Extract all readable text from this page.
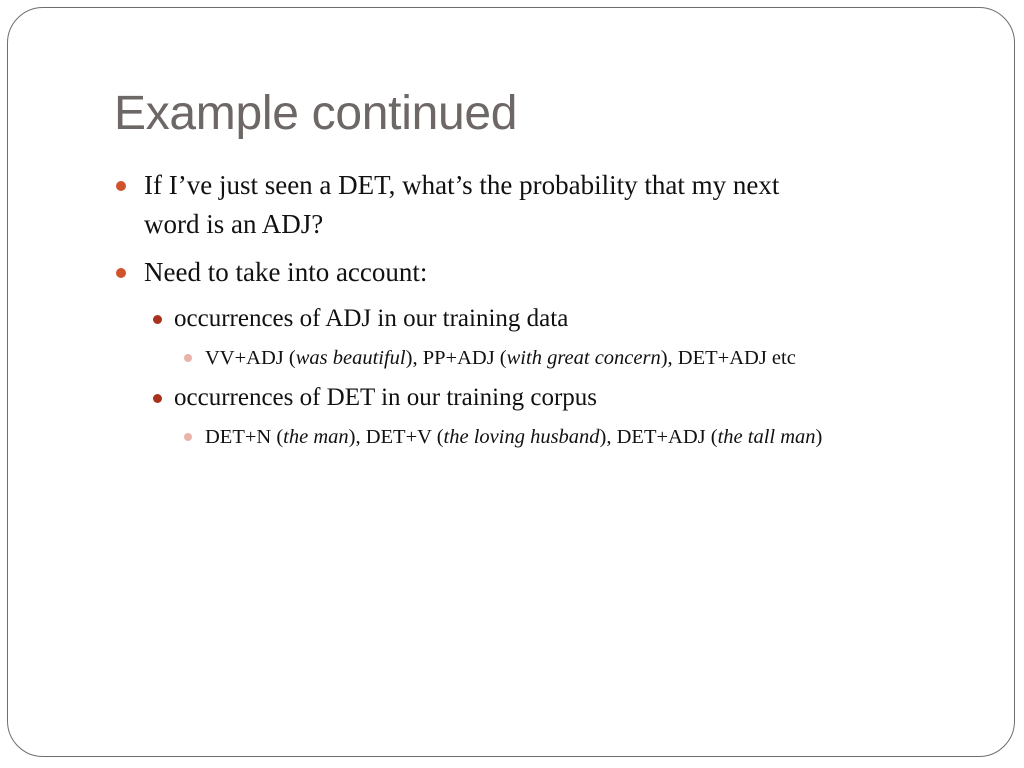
Example continued
If I’ve just seen a DET, what’s the probability that my next
word is an ADJ?
Need to take into account:
occurrences of ADJ in our training data
VV+ADJ (was beautiful), PP+ADJ (with great concern), DET+ADJ etc
occurrences of DET in our training corpus
DET+N (the man), DET+V (the loving husband), DET+ADJ (the tall man)
